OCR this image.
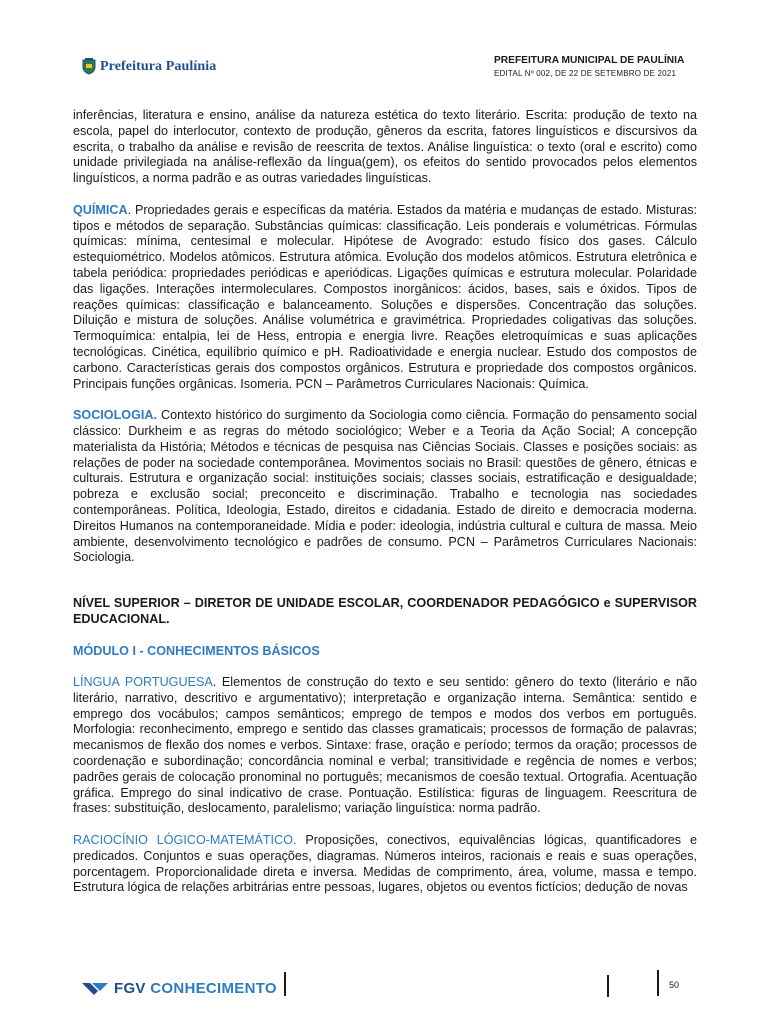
Prefeitura Paulínia	PREFEITURA MUNICIPAL DE PAULÍNIA
EDITAL Nº 002, DE 22 DE SETEMBRO DE 2021

inferências, literatura e ensino, análise da natureza estética do texto literário. Escrita: produção de texto na escola, papel do interlocutor, contexto de produção, gêneros da escrita, fatores linguísticos e discursivos da escrita, o trabalho da análise e revisão de reescrita de textos. Análise linguística: o texto (oral e escrito) como unidade privilegiada na análise-reflexão da língua(gem), os efeitos do sentido provocados pelos elementos linguísticos, a norma padrão e as outras variedades linguísticas.

QUÍMICA. Propriedades gerais e específicas da matéria. Estados da matéria e mudanças de estado. Misturas: tipos e métodos de separação. Substâncias químicas: classificação. Leis ponderais e volumétricas. Fórmulas químicas: mínima, centesimal e molecular. Hipótese de Avogrado: estudo físico dos gases. Cálculo estequiométrico. Modelos atômicos. Estrutura atômica. Evolução dos modelos atômicos. Estrutura eletrônica e tabela periódica: propriedades periódicas e aperiódicas. Ligações químicas e estrutura molecular. Polaridade das ligações. Interações intermoleculares. Compostos inorgânicos: ácidos, bases, sais e óxidos. Tipos de reações químicas: classificação e balanceamento. Soluções e dispersões. Concentração das soluções. Diluição e mistura de soluções. Análise volumétrica e gravimétrica. Propriedades coligativas das soluções. Termoquímica: entalpia, lei de Hess, entropia e energia livre. Reações eletroquímicas e suas aplicações tecnológicas. Cinética, equilíbrio químico e pH. Radioatividade e energia nuclear. Estudo dos compostos de carbono. Características gerais dos compostos orgânicos. Estrutura e propriedade dos compostos orgânicos. Principais funções orgânicas. Isomeria. PCN – Parâmetros Curriculares Nacionais: Química.

SOCIOLOGIA. Contexto histórico do surgimento da Sociologia como ciência. Formação do pensamento social clássico: Durkheim e as regras do método sociológico; Weber e a Teoria da Ação Social; A concepção materialista da História; Métodos e técnicas de pesquisa nas Ciências Sociais. Classes e posições sociais: as relações de poder na sociedade contemporânea. Movimentos sociais no Brasil: questões de gênero, étnicas e culturais. Estrutura e organização social: instituições sociais; classes sociais, estratificação e desigualdade; pobreza e exclusão social; preconceito e discriminação. Trabalho e tecnologia nas sociedades contemporâneas. Política, Ideologia, Estado, direitos e cidadania. Estado de direito e democracia moderna. Direitos Humanos na contemporaneidade. Mídia e poder: ideologia, indústria cultural e cultura de massa. Meio ambiente, desenvolvimento tecnológico e padrões de consumo. PCN – Parâmetros Curriculares Nacionais: Sociologia.

NÍVEL SUPERIOR – DIRETOR DE UNIDADE ESCOLAR, COORDENADOR PEDAGÓGICO e SUPERVISOR EDUCACIONAL.

MÓDULO I - CONHECIMENTOS BÁSICOS

LÍNGUA PORTUGUESA. Elementos de construção do texto e seu sentido: gênero do texto (literário e não literário, narrativo, descritivo e argumentativo); interpretação e organização interna. Semântica: sentido e emprego dos vocábulos; campos semânticos; emprego de tempos e modos dos verbos em português. Morfologia: reconhecimento, emprego e sentido das classes gramaticais; processos de formação de palavras; mecanismos de flexão dos nomes e verbos. Sintaxe: frase, oração e período; termos da oração; processos de coordenação e subordinação; concordância nominal e verbal; transitividade e regência de nomes e verbos; padrões gerais de colocação pronominal no português; mecanismos de coesão textual. Ortografia. Acentuação gráfica. Emprego do sinal indicativo de crase. Pontuação. Estilística: figuras de linguagem. Reescritura de frases: substituição, deslocamento, paralelismo; variação linguística: norma padrão.

RACIOCÍNIO LÓGICO-MATEMÁTICO. Proposições, conectivos, equivalências lógicas, quantificadores e predicados. Conjuntos e suas operações, diagramas. Números inteiros, racionais e reais e suas operações, porcentagem. Proporcionalidade direta e inversa. Medidas de comprimento, área, volume, massa e tempo. Estrutura lógica de relações arbitrárias entre pessoas, lugares, objetos ou eventos fictícios; dedução de novas

FGV CONHECIMENTO	50
